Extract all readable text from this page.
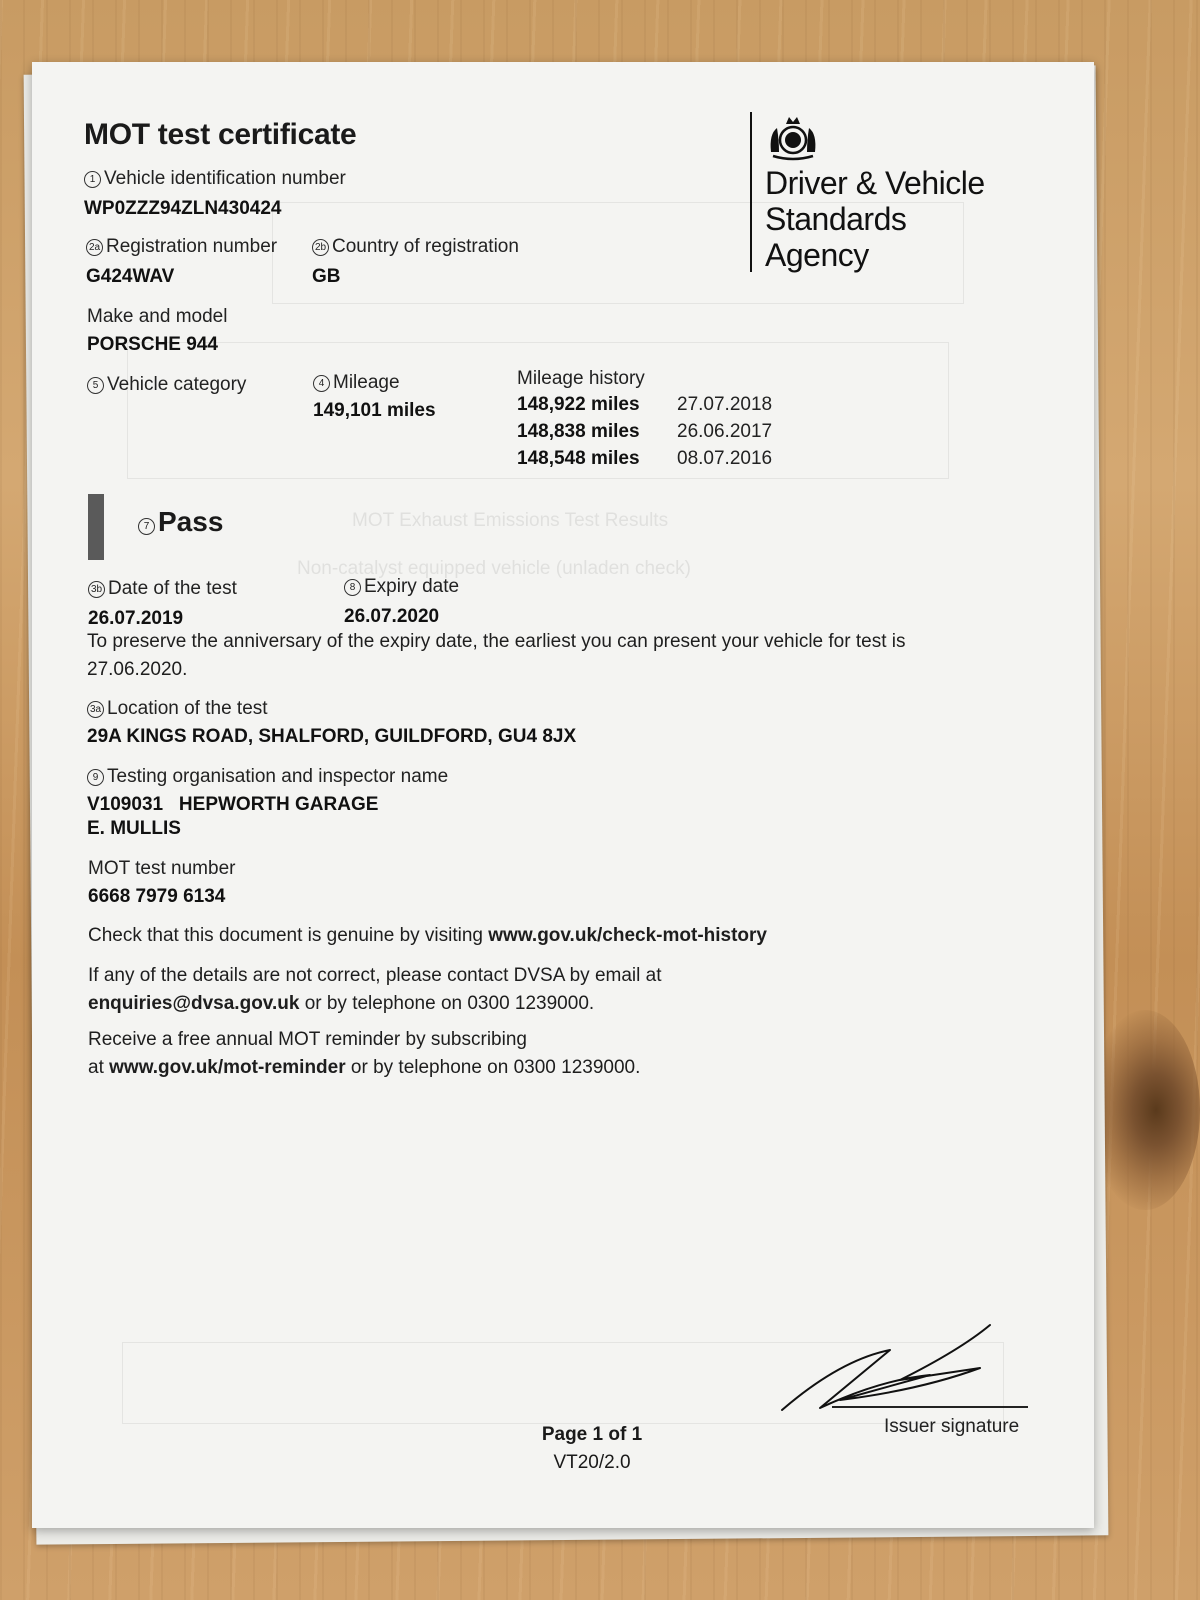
MOT Exhaust Emissions Test Results
Non-catalyst equipped vehicle (unladen check)
MOT test certificate
Driver & Vehicle
Standards
Agency
1 Vehicle identification number
WP0ZZZ94ZLN430424
2a Registration number
G424WAV
2b Country of registration
GB
Make and model
PORSCHE 944
5 Vehicle category	4 Mileage
149,101 miles
Mileage history
148,922 miles 27.07.2018
148,838 miles 26.06.2017
148,548 miles 08.07.2016
7 Pass
3b Date of the test
26.07.2019
8 Expiry date
26.07.2020
To preserve the anniversary of the expiry date, the earliest you can present your vehicle for test is 27.06.2020.
3a Location of the test
29A KINGS ROAD, SHALFORD, GUILDFORD, GU4 8JX
9 Testing organisation and inspector name
V109031 HEPWORTH GARAGE
E. MULLIS
MOT test number
6668 7979 6134
Check that this document is genuine by visiting www.gov.uk/check-mot-history
If any of the details are not correct, please contact DVSA by email at
enquiries@dvsa.gov.uk or by telephone on 0300 1239000.
Receive a free annual MOT reminder by subscribing
at www.gov.uk/mot-reminder or by telephone on 0300 1239000.
Issuer signature
Page 1 of 1
VT20/2.0
